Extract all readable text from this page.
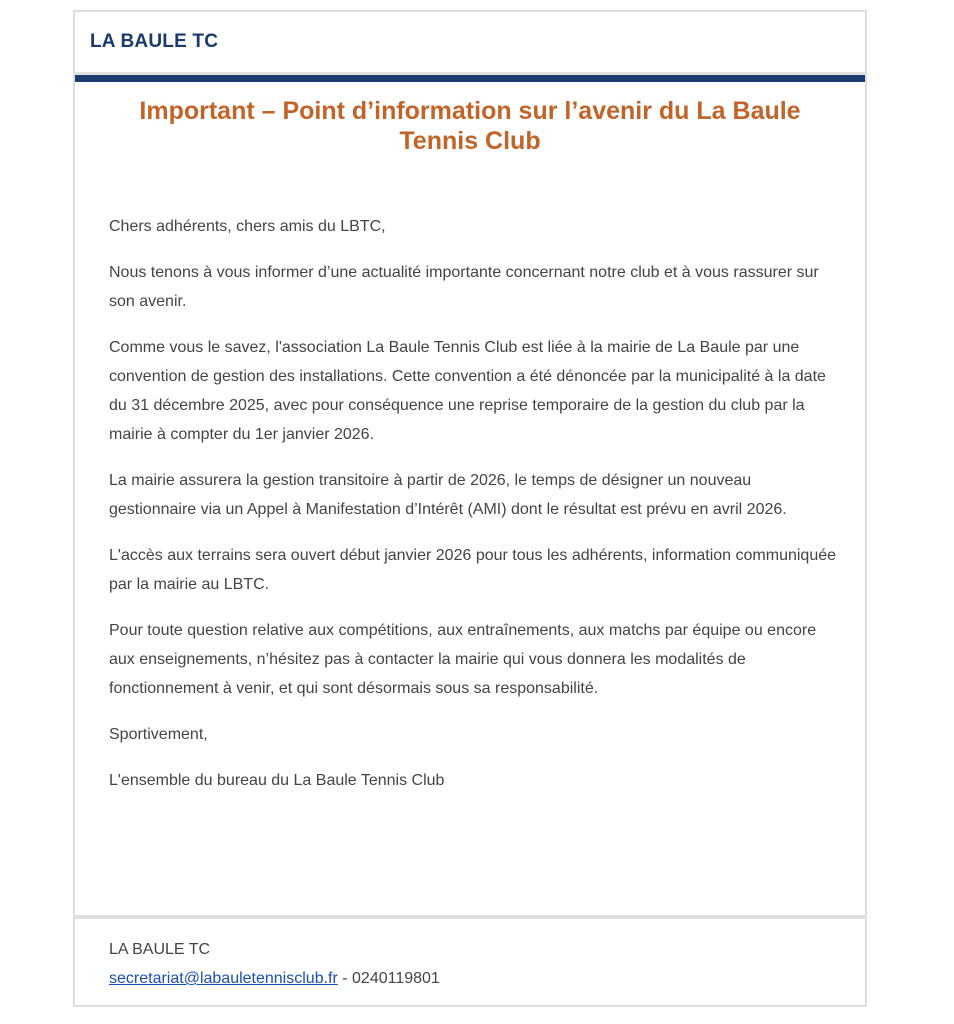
LA BAULE TC
Important – Point d’information sur l’avenir du La Baule Tennis Club

Chers adhérents, chers amis du LBTC,

Nous tenons à vous informer d’une actualité importante concernant notre club et à vous rassurer sur son avenir.

Comme vous le savez, l'association La Baule Tennis Club est liée à la mairie de La Baule par une convention de gestion des installations. Cette convention a été dénoncée par la municipalité à la date du 31 décembre 2025, avec pour conséquence une reprise temporaire de la gestion du club par la mairie à compter du 1er janvier 2026.

La mairie assurera la gestion transitoire à partir de 2026, le temps de désigner un nouveau gestionnaire via un Appel à Manifestation d’Intérêt (AMI) dont le résultat est prévu en avril 2026.

L'accès aux terrains sera ouvert début janvier 2026 pour tous les adhérents, information communiquée par la mairie au LBTC.

Pour toute question relative aux compétitions, aux entraînements, aux matchs par équipe ou encore aux enseignements, n’hésitez pas à contacter la mairie qui vous donnera les modalités de fonctionnement à venir, et qui sont désormais sous sa responsabilité.

Sportivement,

L'ensemble du bureau du La Baule Tennis Club

LA BAULE TC
secretariat@labauletennisclub.fr - 0240119801
